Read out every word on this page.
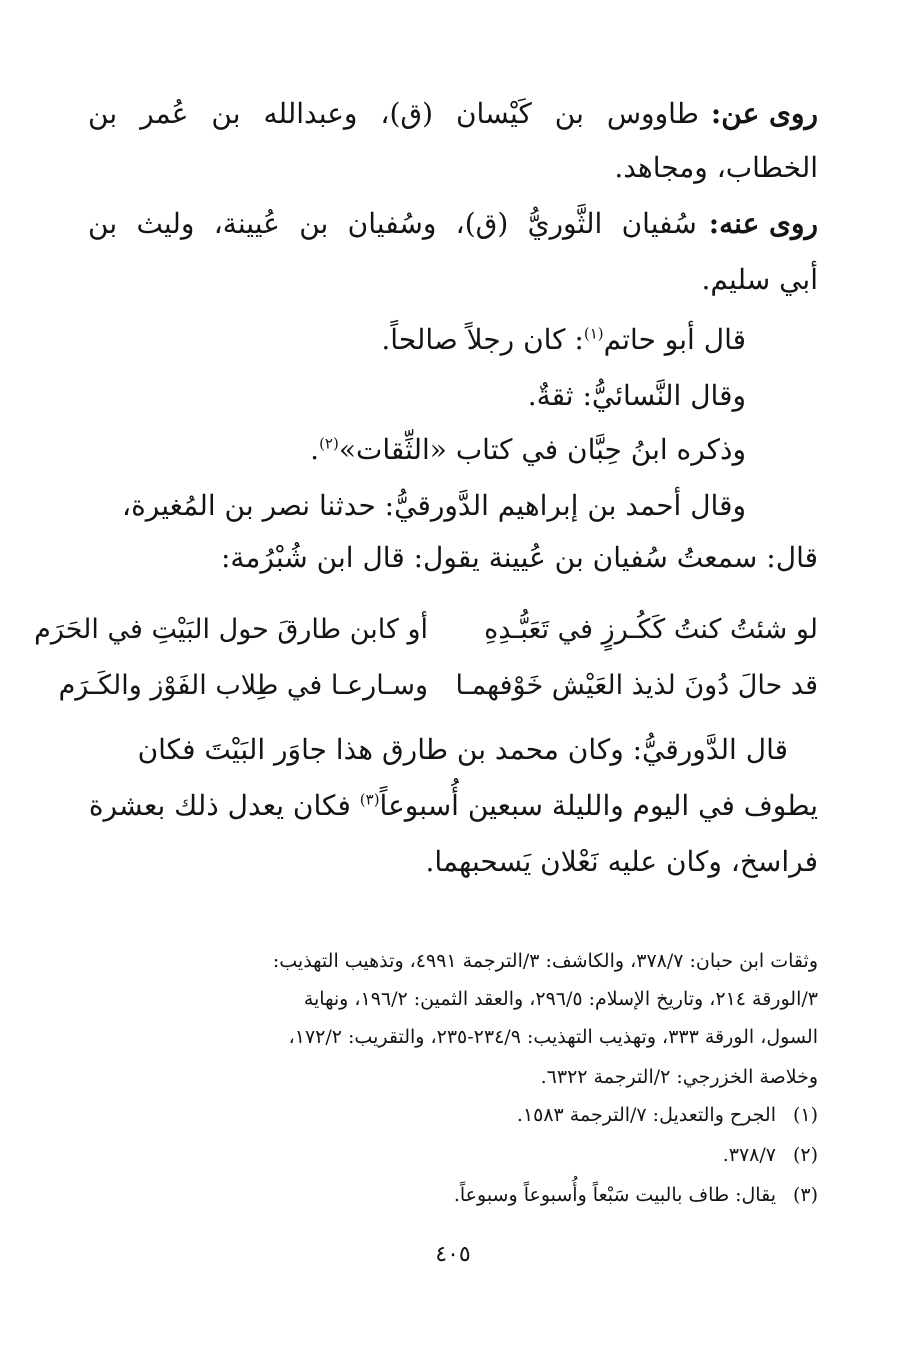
روى عن:
طاووس بن كَيْسان (ق)، وعبدالله بن عُمر بن
الخطاب، ومجاهد.
روى عنه:
سُفيان الثَّوريُّ (ق)، وسُفيان بن عُيينة، وليث بن
أبي سليم.
قال أبو حاتم$^{(١)}$: كان رجلاً صالحاً.
وقال النَّسائيُّ: ثقةٌ.
وذكره ابنُ حِبَّان في كتاب «الثِّقات»$^{(٢)}$.
وقال أحمد بن إبراهيم الدَّورقيُّ: حدثنا نصر بن المُغيرة،
قال: سمعتُ سُفيان بن عُيينة يقول: قال ابن شُبْرُمة:
لو شئتُ كنتُ كَكُـرزٍ في تَعَبُّـدِهِ
أو كابن طارقَ حول البَيْتِ في الحَرَم
قد حالَ دُونَ لذيذ العَيْش خَوْفهمـا
وسـارعـا في طِلاب الفَوْز والكَـرَم
قال الدَّورقيُّ: وكان محمد بن طارق هذا جاوَر البَيْتَ فكان
يطوف في اليوم والليلة سبعين أُسبوعاً$^{(٣)}$ فكان يعدل ذلك بعشرة
فراسخ، وكان عليه نَعْلان يَسحبهما.
وثقات ابن حبان: ٣٧٨/٧، والكاشف: ٣/الترجمة ٤٩٩١، وتذهيب التهذيب:
٣/الورقة ٢١٤، وتاريخ الإسلام: ٢٩٦/٥، والعقد الثمين: ١٩٦/٢، ونهاية
السول، الورقة ٣٣٣، وتهذيب التهذيب: ٢٣٤/٩-٢٣٥، والتقريب: ١٧٢/٢،
وخلاصة الخزرجي: ٢/الترجمة ٦٣٢٢.
(١)الجرح والتعديل: ٧/الترجمة ١٥٨٣.
(٢)٣٧٨/٧.
(٣)يقال: طاف بالبيت سَبْعاً وأُسبوعاً وسبوعاً.
٤٠٥
